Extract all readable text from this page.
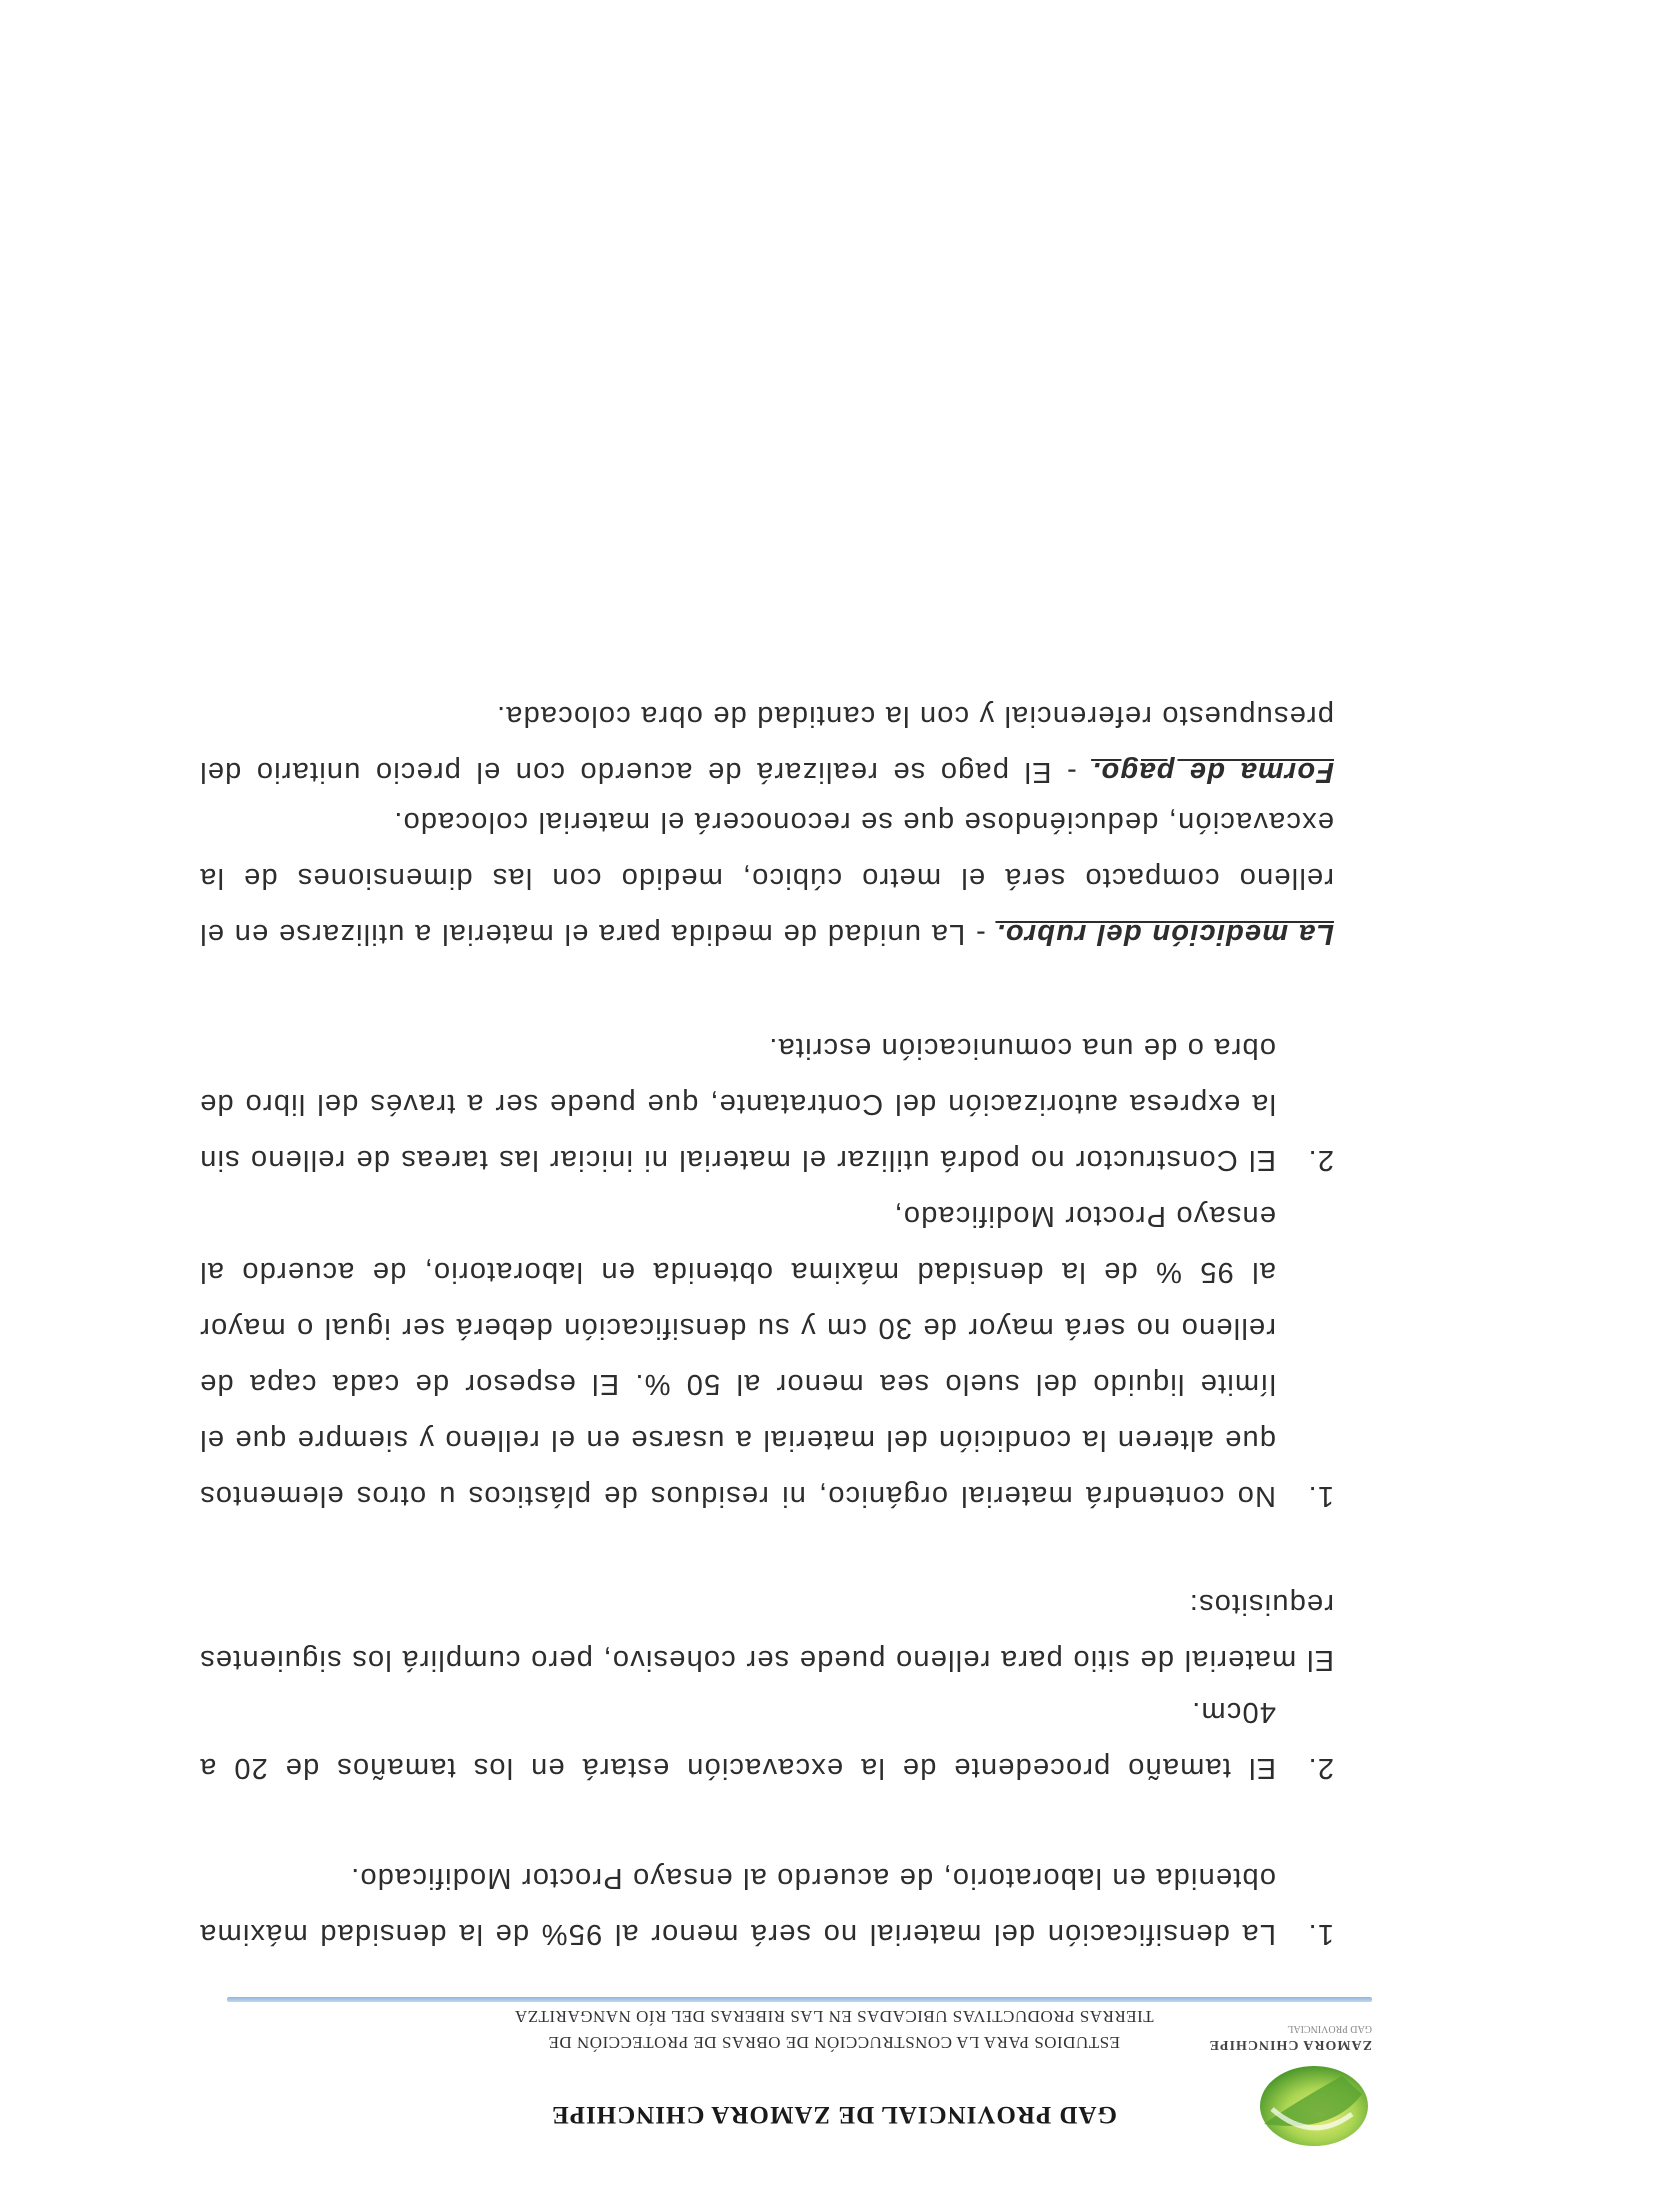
ZAMORA CHINCHIPE
GAD PROVINCIAL
GAD PROVINCIAL DE ZAMORA CHINCHIPE
ESTUDIOS PARA LA CONSTRUCCIÓN DE OBRAS DE PROTECCIÓN DE
TIERRAS PRODUCTIVAS UBICADAS EN LAS RIBERAS DEL RÍO NANGARITZA
1.
La densificación del material no será menor al 95% de la densidad máxima obtenida en laboratorio, de acuerdo al ensayo Proctor Modificado.
2.
El tamaño procedente de la excavación estará en los tamaños de 20 a 40cm.
El material de sitio para relleno puede ser cohesivo, pero cumplirá los siguientes requisitos:
1.
No contendrá material orgánico, ni residuos de plásticos u otros elementos que alteren la condición del material a usarse en el relleno y siempre que el límite liquido del suelo sea menor al 50 %. El espesor de cada capa de relleno no será mayor de 30 cm y su densificación deberá ser igual o mayor al 95 % de la densidad máxima obtenida en laboratorio, de acuerdo al ensayo Proctor Modificado,
2.
El Constructor no podrá utilizar el material ni iniciar las tareas de relleno sin la expresa autorización del Contratante, que puede ser a través del libro de obra o de una comunicación escrita.
La medición del rubro. - La unidad de medida para el material a utilizarse en el relleno compacto será el metro cúbico, medido con las dimensiones de la excavación, deduciéndose que se reconocerá el material colocado.
Forma de pago. - El pago se realizará de acuerdo con el precio unitario del presupuesto referencial y con la cantidad de obra colocada.
